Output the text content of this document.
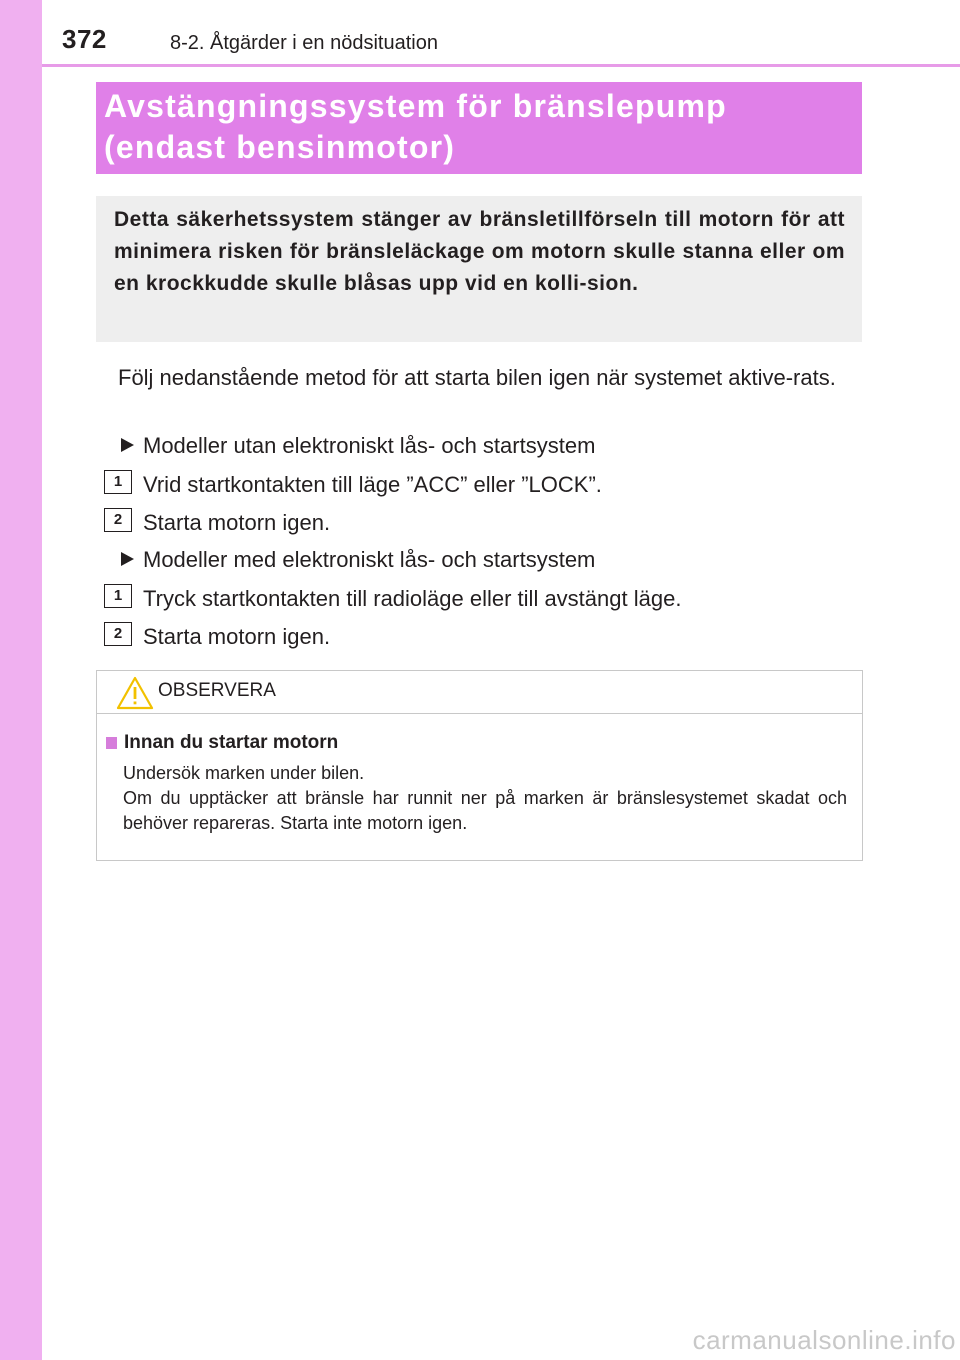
372	8-2. Åtgärder i en nödsituation
Avstängningssystem för bränslepump
(endast bensinmotor)
Detta säkerhetssystem stänger av bränsletillförseln till motorn för att minimera risken för bränsleläckage om motorn skulle stanna eller om en krockkudde skulle blåsas upp vid en kolli-sion.
Följ nedanstående metod för att starta bilen igen när systemet aktive-rats.
Modeller utan elektroniskt lås- och startsystem
1 Vrid startkontakten till läge ”ACC” eller ”LOCK”.
2 Starta motorn igen.
Modeller med elektroniskt lås- och startsystem
1 Tryck startkontakten till radioläge eller till avstängt läge.
2 Starta motorn igen.
OBSERVERA
Innan du startar motorn
Undersök marken under bilen.
Om du upptäcker att bränsle har runnit ner på marken är bränslesystemet skadat och behöver repareras. Starta inte motorn igen.
carmanualsonline.info
